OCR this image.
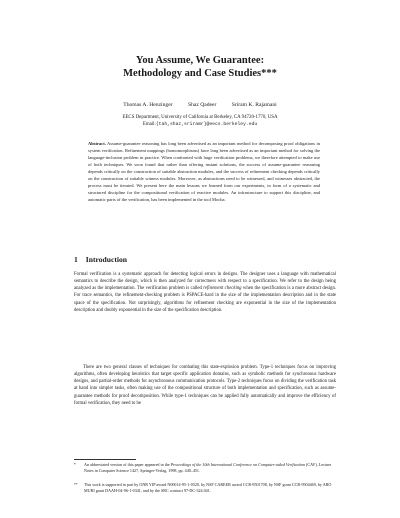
You Assume, We Guarantee:
Methodology and Case Studies***
Thomas A. Henzinger	Shaz Qadeer	Sriram K. Rajamani
EECS Department, University of California at Berkeley, CA 94720-1770, USA
Email:{tah,shaz,sriramr}@eecs.berkeley.edu
Abstract. Assume-guarantee reasoning has long been advertised as an important method for decomposing proof obligations in system verification. Refinement mappings (homomorphisms) have long been advertised as an important method for solving the language-inclusion problem in practice. When confronted with large verification problems, we therefore attempted to make use of both techniques. We soon found that rather than offering instant solutions, the success of assume-guarantee reasoning depends critically on the construction of suitable abstraction modules, and the success of refinement checking depends critically on the construction of suitable witness modules. Moreover, as abstractions need to be witnessed, and witnesses abstracted, the process must be iterated. We present here the main lessons we learned from our experiments, in form of a systematic and structured discipline for the compositional verification of reactive modules. An infrastructure to support this discipline, and automatic parts of the verification, has been implemented in the tool Mocha.
1 Introduction
Formal verification is a systematic approach for detecting logical errors in designs. The designer uses a language with mathematical semantics to describe the design, which is then analyzed for correctness with respect to a specification. We refer to the design being analyzed as the implementation. The verification problem is called refinement checking when the specification is a more abstract design. For trace semantics, the refinement-checking problem is PSPACE-hard in the size of the implementation description and in the state space of the specification. Not surprisingly, algorithms for refinement checking are exponential in the size of the implementation description and doubly exponential in the size of the specification description.
There are two general classes of techniques for combating this state-explosion problem. Type-1 techniques focus on improving algorithms, often developing heuristics that target specific application domains, such as symbolic methods for synchronous hardware designs, and partial-order methods for asynchronous communication protocols. Type-2 techniques focus on dividing the verification task at hand into simpler tasks, often making use of the compositional structure of both implementation and specification, such as assume-guarantee methods for proof decomposition. While type-1 techniques can be applied fully automatically and improve the efficiency of formal verification, they need to be
* An abbreviated version of this paper appeared in the Proceedings of the 10th International Conference on Computer-aided Verification (CAV), Lecture Notes in Computer Science 1427, Springer-Verlag, 1998, pp. 440–451.
** This work is supported in part by ONR YIP award N00014-95-1-0520, by NSF CAREER award CCR-9501708, by NSF grant CCR-9504469, by ARO MURI grant DAAH-04-96-1-0341, and by the SRC contract 97-DC-324.041.
